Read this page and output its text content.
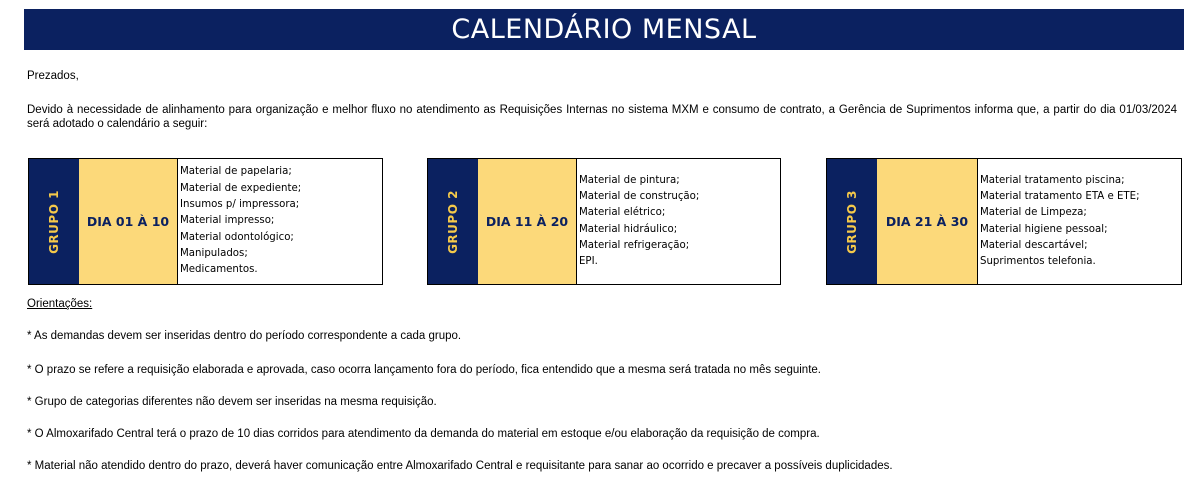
CALENDÁRIO MENSAL
Prezados,
Devido à necessidade de alinhamento para organização e melhor fluxo no atendimento as Requisições Internas no sistema MXM e consumo de contrato, a Gerência de Suprimentos informa que, a partir do dia 01/03/2024 será adotado o calendário a seguir:
GRUPO 1	DIA 01 À 10
Material de papelaria;
Material de expediente;
Insumos p/ impressora;
Material impresso;
Material odontológico;
Manipulados;
Medicamentos.
GRUPO 2	DIA 11 À 20
Material de pintura;
Material de construção;
Material elétrico;
Material hidráulico;
Material refrigeração;
EPI.
GRUPO 3	DIA 21 À 30
Material tratamento piscina;
Material tratamento ETA e ETE;
Material de Limpeza;
Material higiene pessoal;
Material descartável;
Suprimentos telefonia.
Orientações:
* As demandas devem ser inseridas dentro do período correspondente a cada grupo.
* O prazo se refere a requisição elaborada e aprovada, caso ocorra lançamento fora do período, fica entendido que a mesma será tratada no mês seguinte.
* Grupo de categorias diferentes não devem ser inseridas na mesma requisição.
* O Almoxarifado Central terá o prazo de 10 dias corridos para atendimento da demanda do material em estoque e/ou elaboração da requisição de compra.
* Material não atendido dentro do prazo, deverá haver comunicação entre Almoxarifado Central e requisitante para sanar ao ocorrido e precaver a possíveis duplicidades.
